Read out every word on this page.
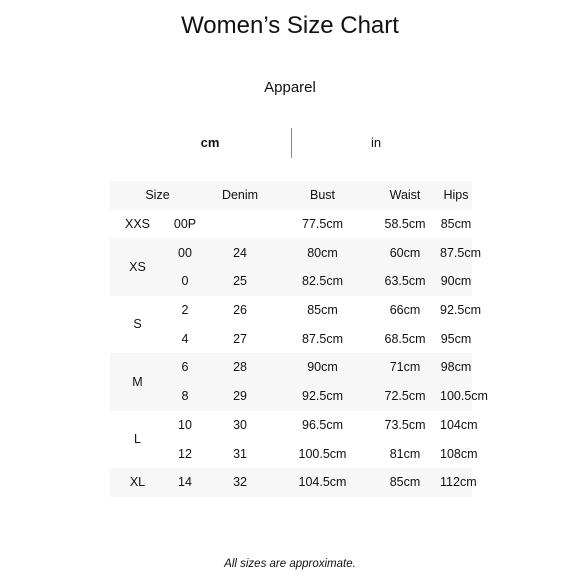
Women’s Size Chart
Apparel
cm	in
Size		Denim	Bust	Waist	Hips
XXS	00P		77.5cm	58.5cm	85cm
XS	00	24	80cm	60cm	87.5cm
	0	25	82.5cm	63.5cm	90cm
S	2	26	85cm	66cm	92.5cm
	4	27	87.5cm	68.5cm	95cm
M	6	28	90cm	71cm	98cm
	8	29	92.5cm	72.5cm	100.5cm
L	10	30	96.5cm	73.5cm	104cm
	12	31	100.5cm	81cm	108cm
XL	14	32	104.5cm	85cm	112cm
All sizes are approximate.
